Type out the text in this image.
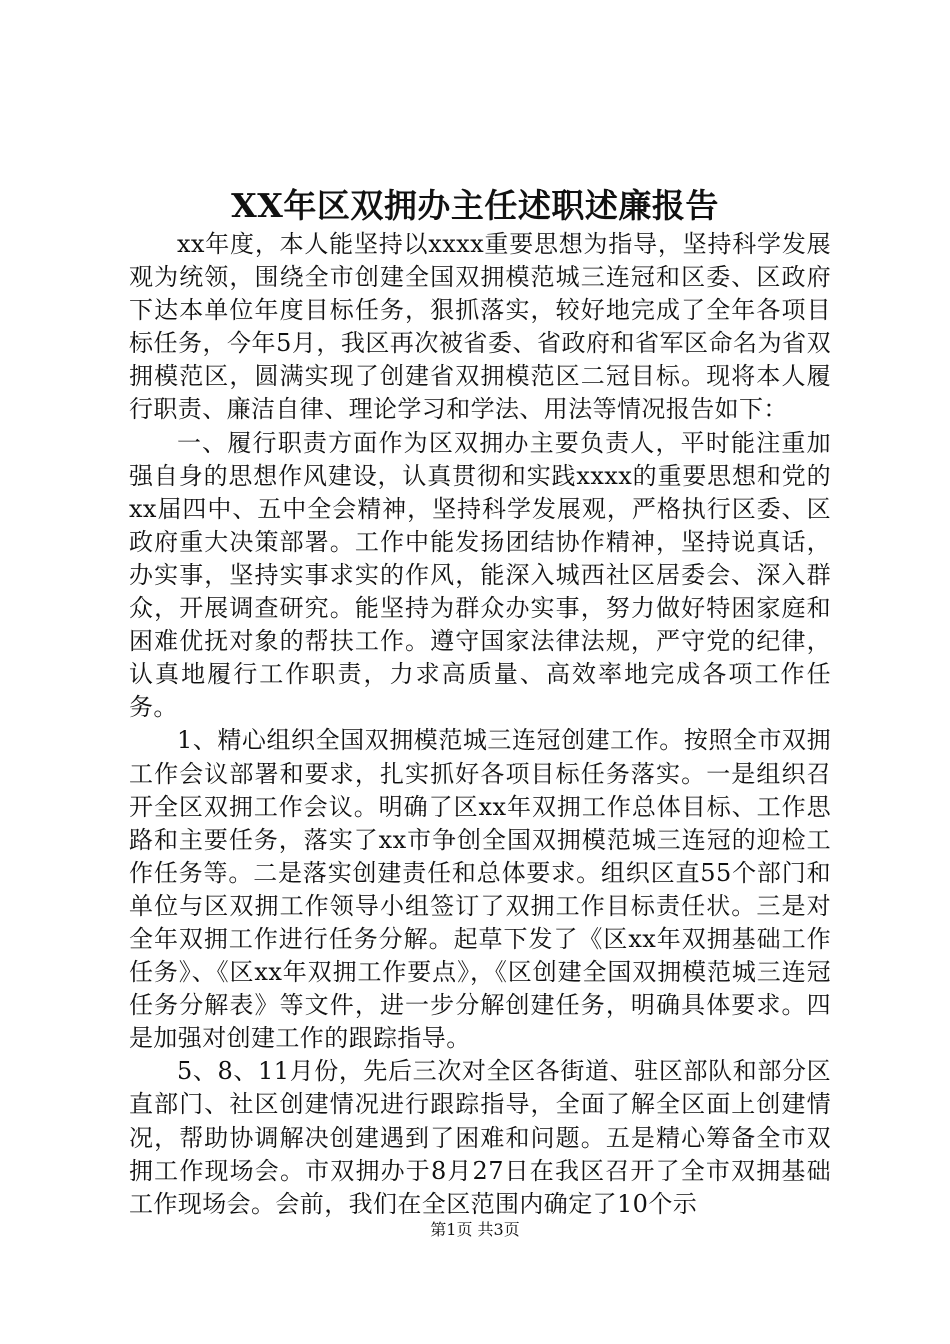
XX年区双拥办主任述职述廉报告

xx年度，本人能坚持以xxxx重要思想为指导，坚持科学发展观为统领，围绕全市创建全国双拥模范城三连冠和区委、区政府下达本单位年度目标任务，狠抓落实，较好地完成了全年各项目标任务，今年5月，我区再次被省委、省政府和省军区命名为省双拥模范区，圆满实现了创建省双拥模范区二冠目标。现将本人履行职责、廉洁自律、理论学习和学法、用法等情况报告如下：

一、履行职责方面作为区双拥办主要负责人，平时能注重加强自身的思想作风建设，认真贯彻和实践xxxx的重要思想和党的xx届四中、五中全会精神，坚持科学发展观，严格执行区委、区政府重大决策部署。工作中能发扬团结协作精神，坚持说真话，办实事，坚持实事求实的作风，能深入城西社区居委会、深入群众，开展调查研究。能坚持为群众办实事，努力做好特困家庭和困难优抚对象的帮扶工作。遵守国家法律法规，严守党的纪律，认真地履行工作职责，力求高质量、高效率地完成各项工作任务。

1、精心组织全国双拥模范城三连冠创建工作。按照全市双拥工作会议部署和要求，扎实抓好各项目标任务落实。一是组织召开全区双拥工作会议。明确了区xx年双拥工作总体目标、工作思路和主要任务，落实了xx市争创全国双拥模范城三连冠的迎检工作任务等。二是落实创建责任和总体要求。组织区直55个部门和单位与区双拥工作领导小组签订了双拥工作目标责任状。三是对全年双拥工作进行任务分解。起草下发了《区xx年双拥基础工作任务》、《区xx年双拥工作要点》，《区创建全国双拥模范城三连冠任务分解表》等文件，进一步分解创建任务，明确具体要求。四是加强对创建工作的跟踪指导。

5、8、11月份，先后三次对全区各街道、驻区部队和部分区直部门、社区创建情况进行跟踪指导，全面了解全区面上创建情况，帮助协调解决创建遇到了困难和问题。五是精心筹备全市双拥工作现场会。市双拥办于8月27日在我区召开了全市双拥基础工作现场会。会前，我们在全区范围内确定了10个示

第1页 共3页
